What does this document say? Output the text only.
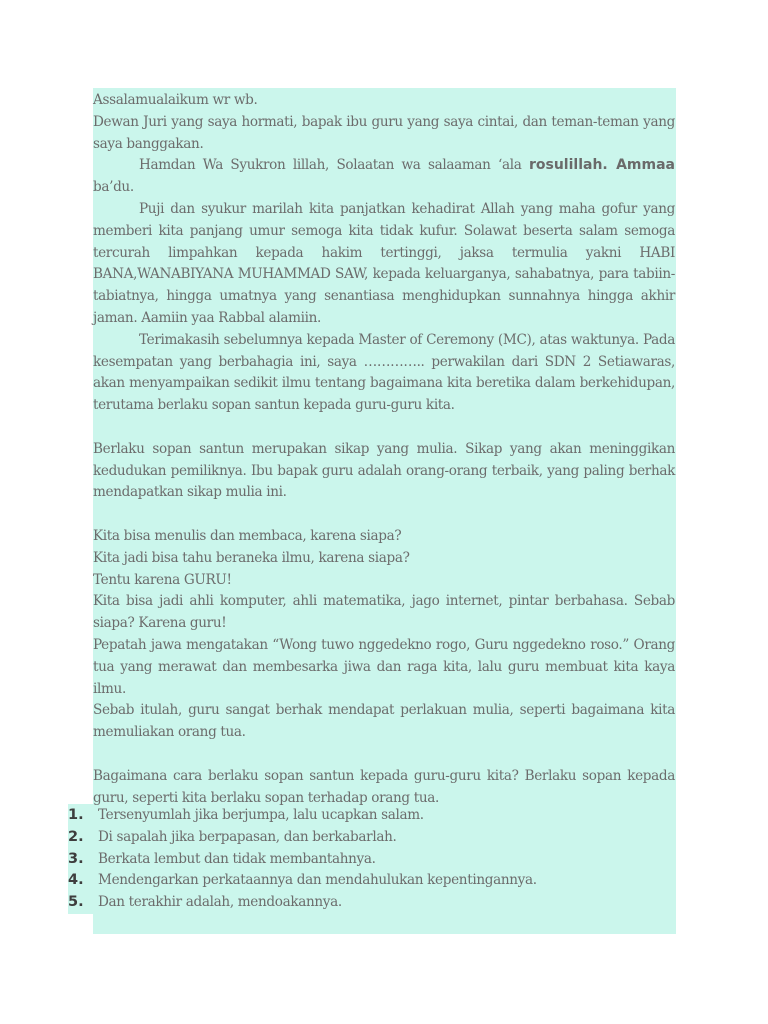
Assalamualaikum wr wb.

Dewan Juri yang saya hormati, bapak ibu guru yang saya cintai, dan teman-teman yang saya banggakan.

Hamdan Wa Syukron lillah, Solaatan wa salaaman ‘ala rosulillah. Ammaa ba’du.

Puji dan syukur marilah kita panjatkan kehadirat Allah yang maha gofur yang memberi kita panjang umur semoga kita tidak kufur. Solawat beserta salam semoga tercurah limpahkan kepada hakim tertinggi, jaksa termulia yakni HABI BANA,WANABIYANA MUHAMMAD SAW, kepada keluarganya, sahabatnya, para tabiin-tabiatnya, hingga umatnya yang senantiasa menghidupkan sunnahnya hingga akhir jaman. Aamiin yaa Rabbal alamiin.

Terimakasih sebelumnya kepada Master of Ceremony (MC), atas waktunya. Pada kesempatan yang berbahagia ini, saya ………….. perwakilan dari SDN 2 Setiawaras, akan menyampaikan sedikit ilmu tentang bagaimana kita beretika dalam berkehidupan, terutama berlaku sopan santun kepada guru-guru kita.

Berlaku sopan santun merupakan sikap yang mulia. Sikap yang akan meninggikan kedudukan pemiliknya. Ibu bapak guru adalah orang-orang terbaik, yang paling berhak mendapatkan sikap mulia ini.

Kita bisa menulis dan membaca, karena siapa?

Kita jadi bisa tahu beraneka ilmu, karena siapa?

Tentu karena GURU!

Kita bisa jadi ahli komputer, ahli matematika, jago internet, pintar berbahasa. Sebab siapa? Karena guru!

Pepatah jawa mengatakan “Wong tuwo nggedekno rogo, Guru nggedekno roso.” Orang tua yang merawat dan membesarka jiwa dan raga kita, lalu guru membuat kita kaya ilmu.

Sebab itulah, guru sangat berhak mendapat perlakuan mulia, seperti bagaimana kita memuliakan orang tua.

Bagaimana cara berlaku sopan santun kepada guru-guru kita? Berlaku sopan kepada guru, seperti kita berlaku sopan terhadap orang tua.

1.	Tersenyumlah jika berjumpa, lalu ucapkan salam.
2.	Di sapalah jika berpapasan, dan berkabarlah.
3.	Berkata lembut dan tidak membantahnya.
4.	Mendengarkan perkataannya dan mendahulukan kepentingannya.
5.	Dan terakhir adalah, mendoakannya.
